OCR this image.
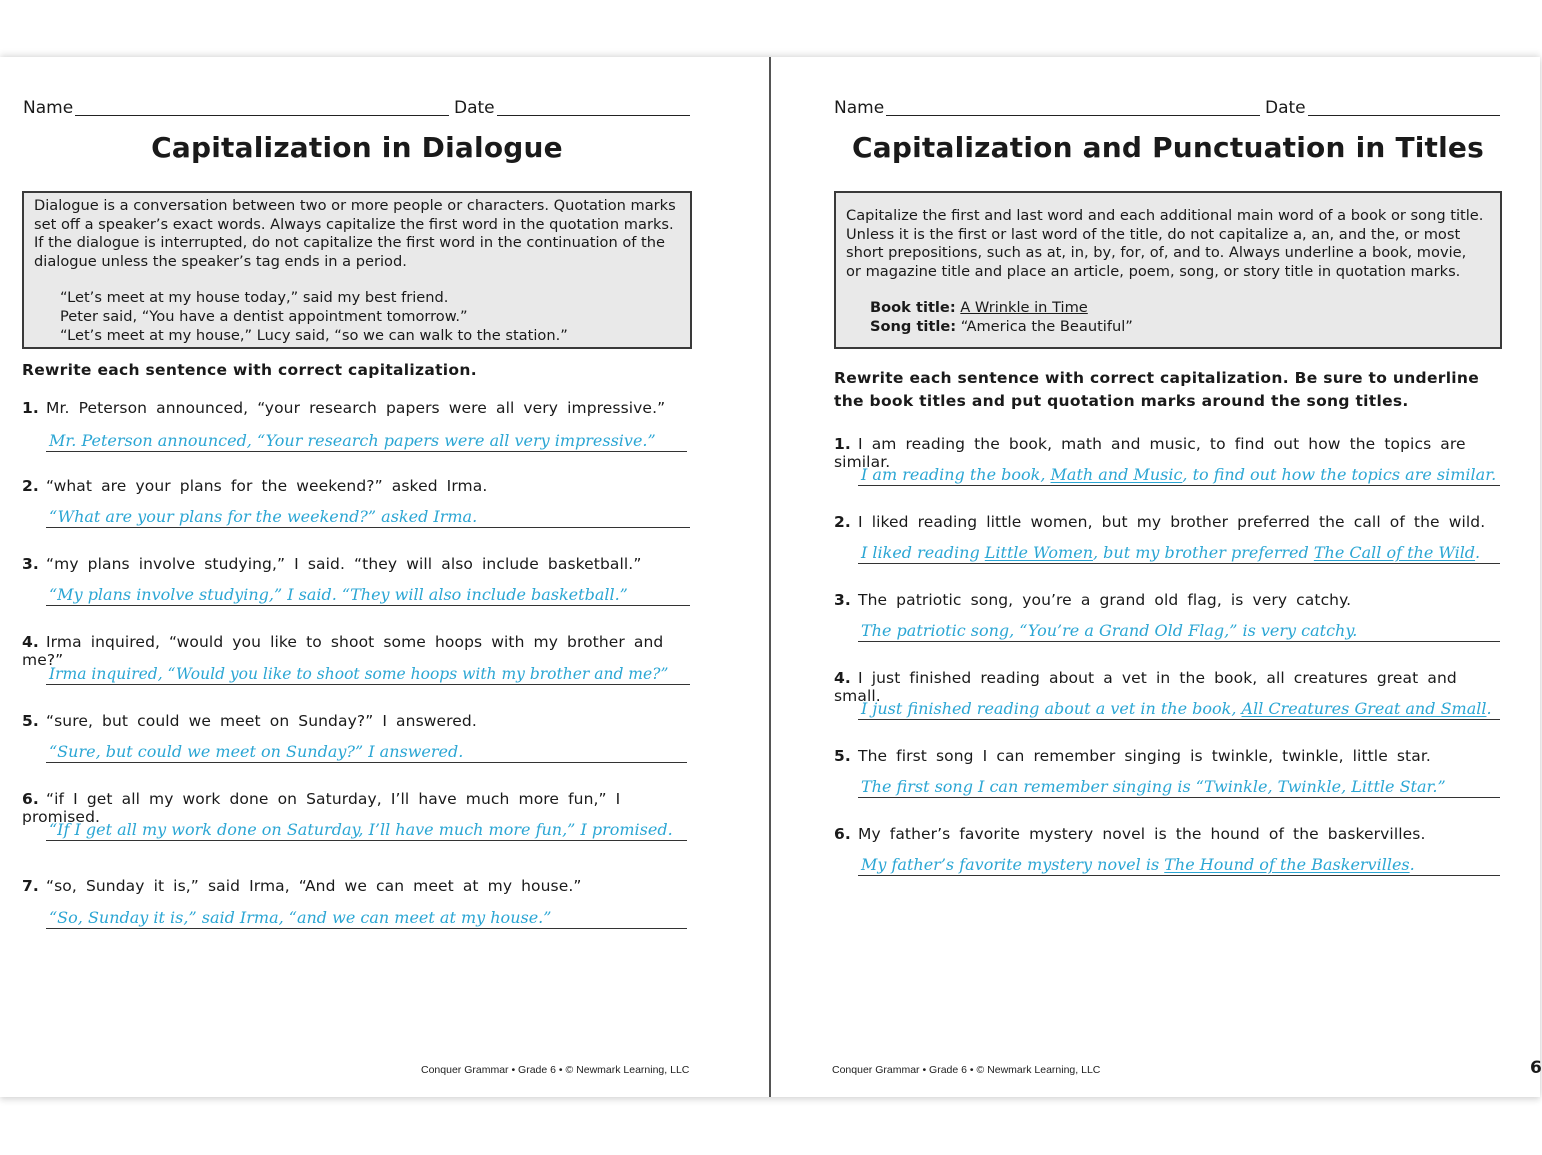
Name	Date
Capitalization in Dialogue

Dialogue is a conversation between two or more people or characters. Quotation marks

set off a speaker’s exact words. Always capitalize the first word in the quotation marks.

If the dialogue is interrupted, do not capitalize the first word in the continuation of the

dialogue unless the speaker’s tag ends in a period.

“Let’s meet at my house today,” said my best friend.

Peter said, “You have a dentist appointment tomorrow.”

“Let’s meet at my house,” Lucy said, “so we can walk to the station.”

Rewrite each sentence with correct capitalization.
1. Mr. Peterson announced, “your research papers were all very impressive.”
Mr. Peterson announced, “Your research papers were all very impressive.”
2. “what are your plans for the weekend?” asked Irma.
“What are your plans for the weekend?” asked Irma.
3. “my plans involve studying,” I said. “they will also include basketball.”
“My plans involve studying,” I said. “They will also include basketball.”
4. Irma inquired, “would you like to shoot some hoops with my brother and me?”
Irma inquired, “Would you like to shoot some hoops with my brother and me?”
5. “sure, but could we meet on Sunday?” I answered.
“Sure, but could we meet on Sunday?” I answered.
6. “if I get all my work done on Saturday, I’ll have much more fun,” I promised.
“If I get all my work done on Saturday, I’ll have much more fun,” I promised.
7. “so, Sunday it is,” said Irma, “And we can meet at my house.”
“So, Sunday it is,” said Irma, “and we can meet at my house.”
Conquer Grammar • Grade 6 • © Newmark Learning, LLC
Name	Date
Capitalization and Punctuation in Titles

Capitalize the first and last word and each additional main word of a book or song title.

Unless it is the first or last word of the title, do not capitalize a, an, and the, or most

short prepositions, such as at, in, by, for, of, and to. Always underline a book, movie,

or magazine title and place an article, poem, song, or story title in quotation marks.

Book title: A Wrinkle in Time

Song title: “America the Beautiful”

Rewrite each sentence with correct capitalization. Be sure to underline
the book titles and put quotation marks around the song titles.
1. I am reading the book, math and music, to find out how the topics are similar.
I am reading the book, Math and Music, to find out how the topics are similar.
2. I liked reading little women, but my brother preferred the call of the wild.
I liked reading Little Women, but my brother preferred The Call of the Wild.
3. The patriotic song, you’re a grand old flag, is very catchy.
The patriotic song, “You’re a Grand Old Flag,” is very catchy.
4. I just finished reading about a vet in the book, all creatures great and small.
I just finished reading about a vet in the book, All Creatures Great and Small.
5. The first song I can remember singing is twinkle, twinkle, little star.
The first song I can remember singing is “Twinkle, Twinkle, Little Star.”
6. My father’s favorite mystery novel is the hound of the baskervilles.
My father’s favorite mystery novel is The Hound of the Baskervilles.
Conquer Grammar • Grade 6 • © Newmark Learning, LLC	6
